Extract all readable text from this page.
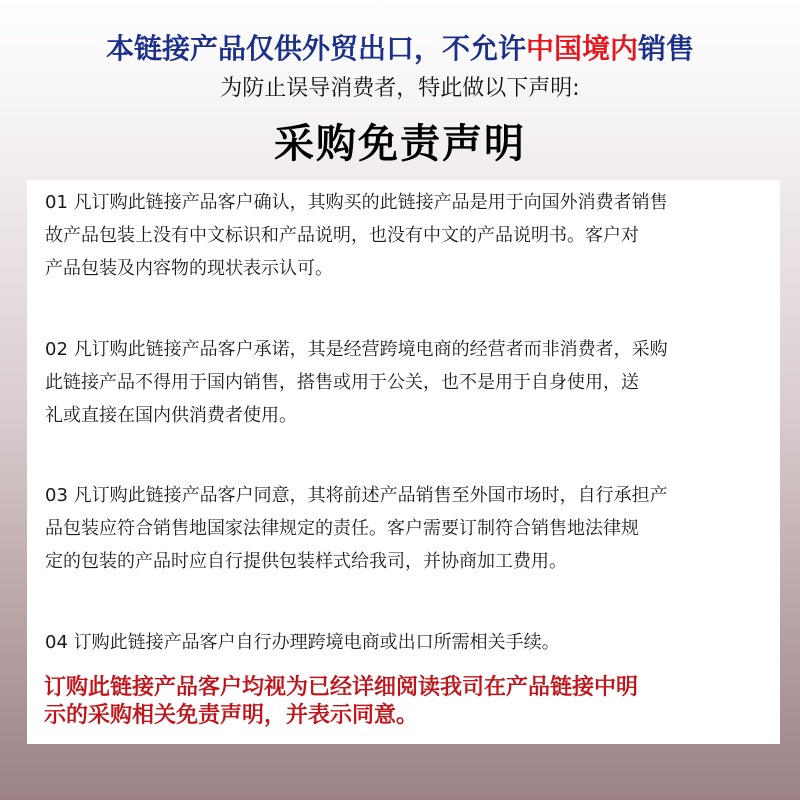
本链接产品仅供外贸出口，不允许中国境内销售
为防止误导消费者，特此做以下声明:
采购免责声明
01 凡订购此链接产品客户确认，其购买的此链接产品是用于向国外消费者销售
故产品包装上没有中文标识和产品说明，也没有中文的产品说明书。客户对
产品包装及内容物的现状表示认可。
02 凡订购此链接产品客户承诺，其是经营跨境电商的经营者而非消费者，采购
此链接产品不得用于国内销售，搭售或用于公关，也不是用于自身使用，送
礼或直接在国内供消费者使用。
03 凡订购此链接产品客户同意，其将前述产品销售至外国市场时，自行承担产
品包装应符合销售地国家法律规定的责任。客户需要订制符合销售地法律规
定的包装的产品时应自行提供包装样式给我司，并协商加工费用。
04 订购此链接产品客户自行办理跨境电商或出口所需相关手续。
订购此链接产品客户均视为已经详细阅读我司在产品链接中明
示的采购相关免责声明，并表示同意。
